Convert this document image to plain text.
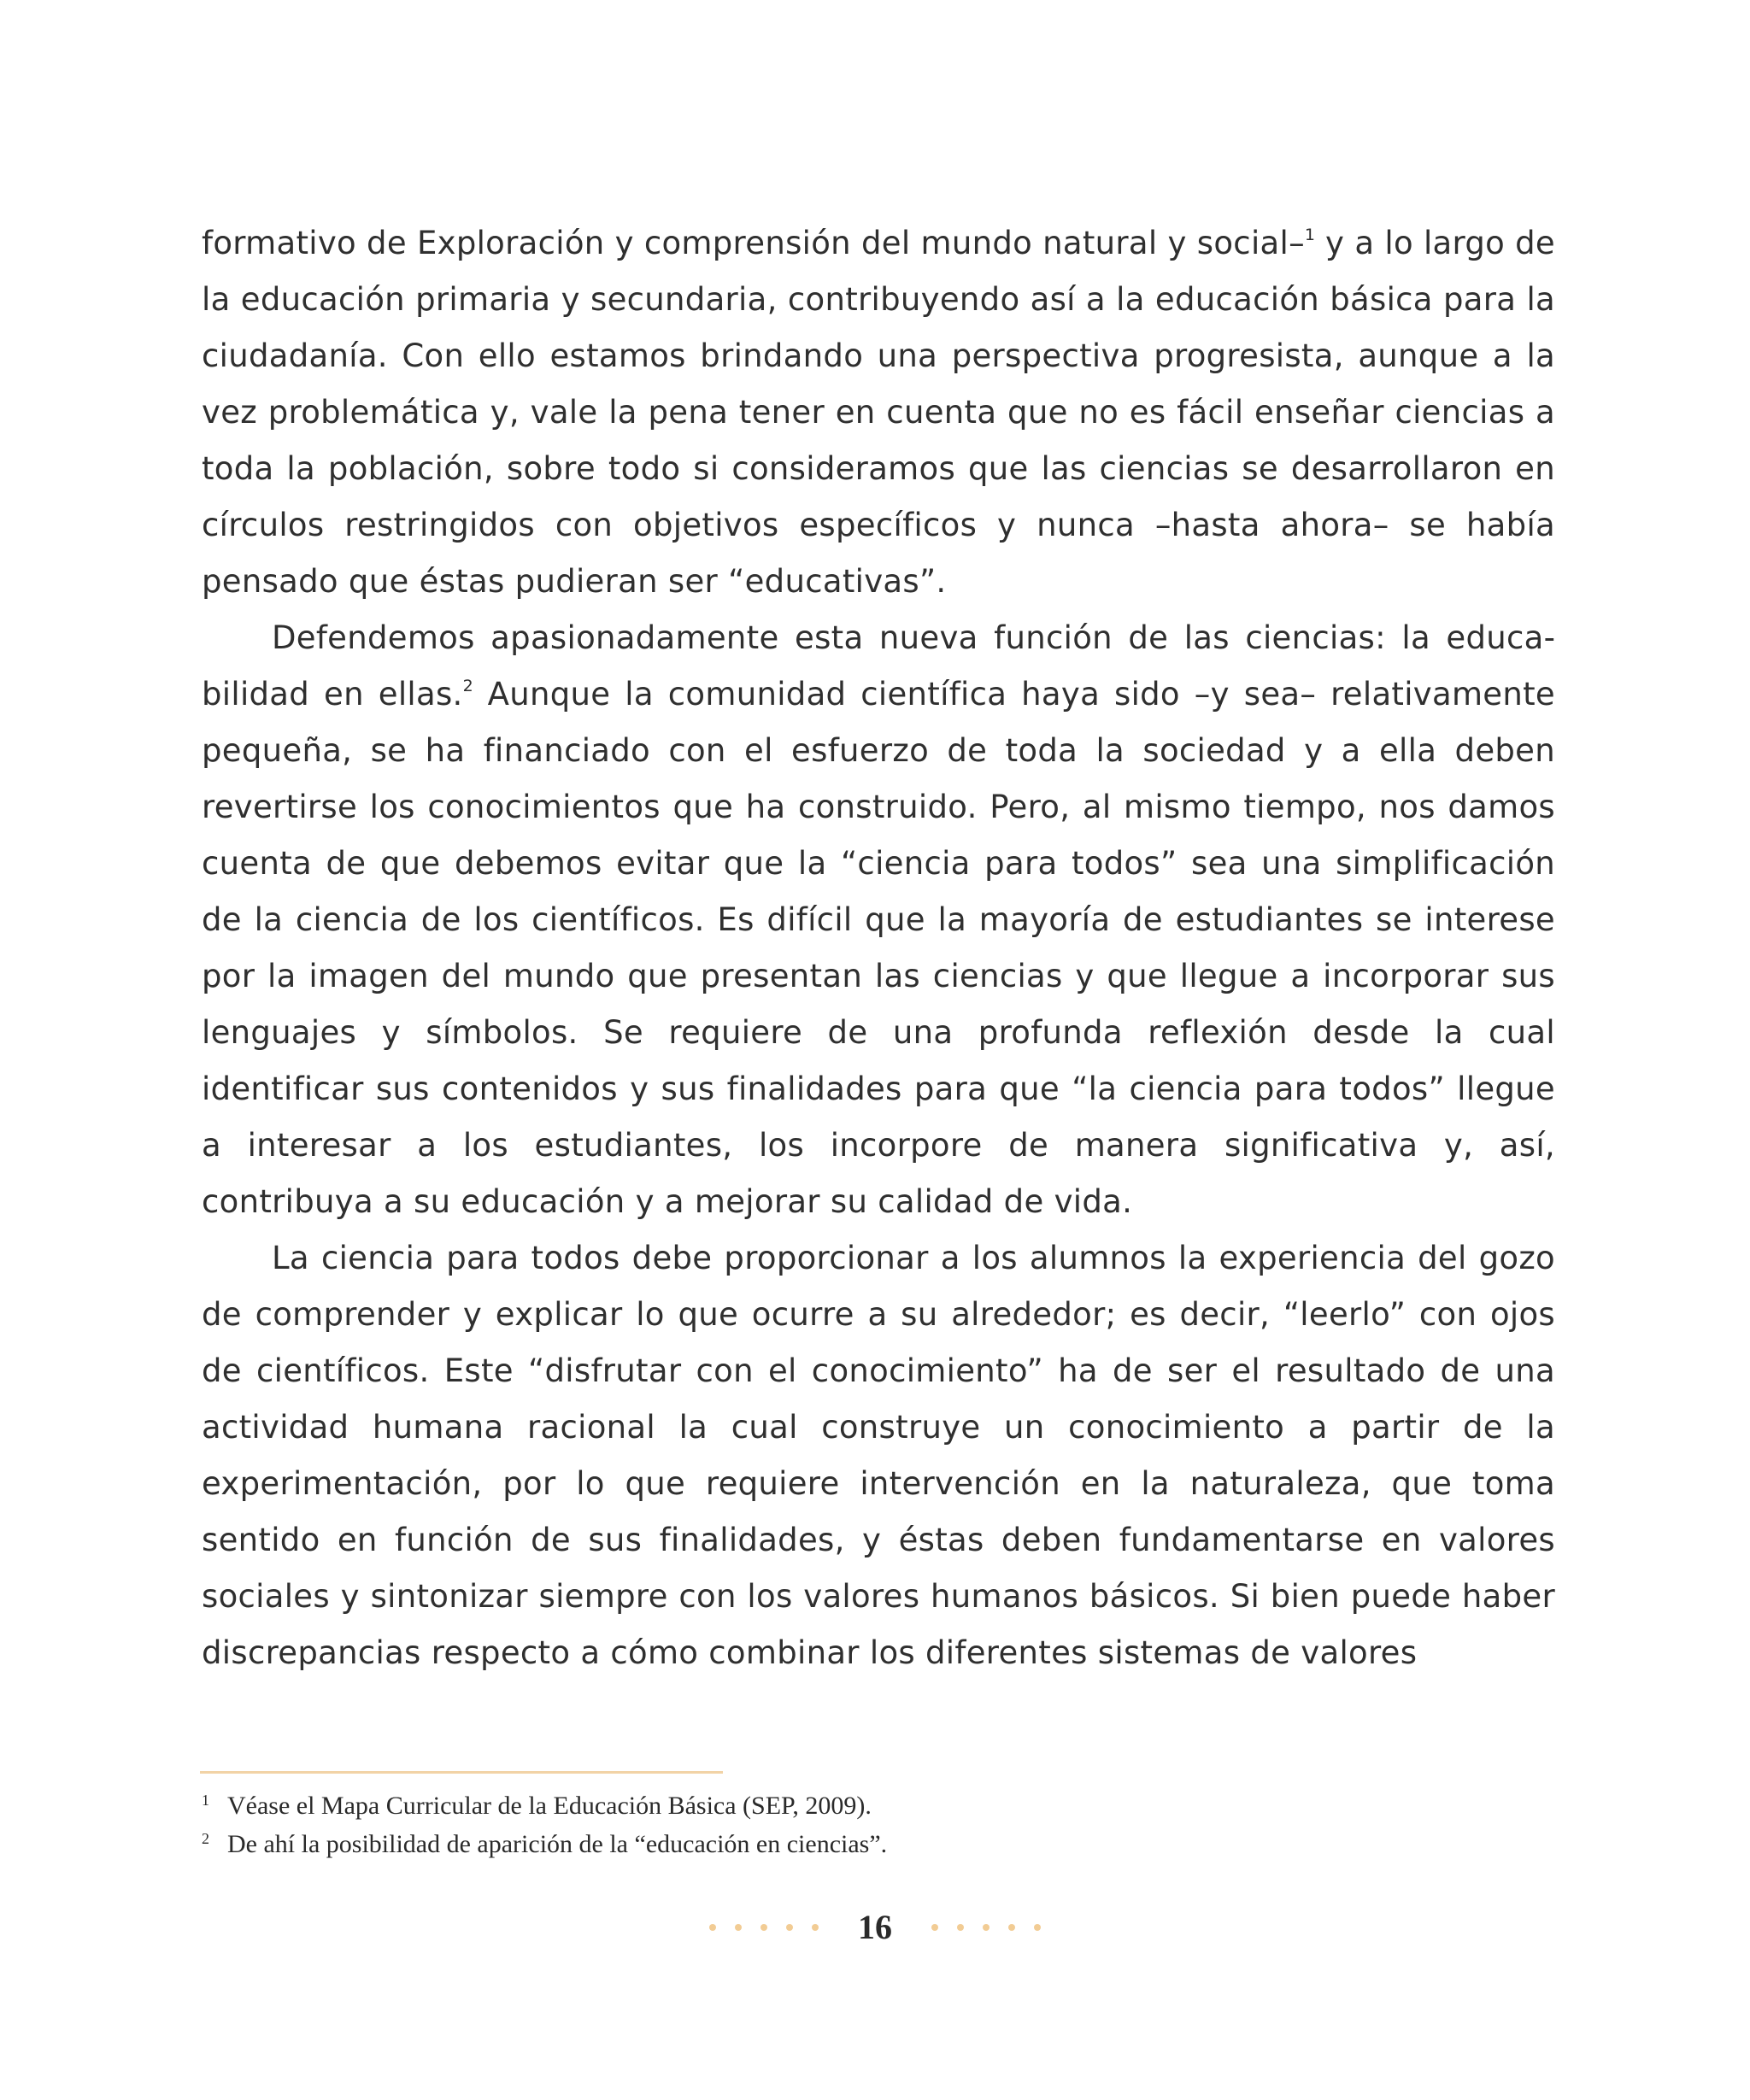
formativo de Exploración y comprensión del mundo natural y social–$^1$ y a lo largo de la educación primaria y secundaria, contribuyendo así a la educación básica para la ciudadanía. Con ello estamos brindando una perspectiva progresista, aunque a la vez problemática y, vale la pena tener en cuenta que no es fácil enseñar ciencias a toda la población, sobre todo si consideramos que las ciencias se desarrollaron en círculos restringidos con objetivos específicos y nunca –hasta ahora– se había pensado que éstas pudieran ser “educativas”.

Defendemos apasionadamente esta nueva función de las ciencias: la educabilidad en ellas.$^2$ Aunque la comunidad científica haya sido –y sea– relativamente pequeña, se ha financiado con el esfuerzo de toda la sociedad y a ella deben revertirse los conocimientos que ha construido. Pero, al mismo tiempo, nos damos cuenta de que debemos evitar que la “ciencia para todos” sea una simplificación de la ciencia de los científicos. Es difícil que la mayoría de estudiantes se interese por la imagen del mundo que presentan las ciencias y que llegue a incorporar sus lenguajes y símbolos. Se requiere de una profunda reflexión desde la cual identificar sus contenidos y sus finalidades para que “la ciencia para todos” llegue a interesar a los estudiantes, los incorpore de manera significativa y, así, contribuya a su educación y a mejorar su calidad de vida.

La ciencia para todos debe proporcionar a los alumnos la experiencia del gozo de comprender y explicar lo que ocurre a su alrededor; es decir, “leerlo” con ojos de científicos. Este “disfrutar con el conocimiento” ha de ser el resultado de una actividad humana racional la cual construye un conocimiento a partir de la experimentación, por lo que requiere intervención en la naturaleza, que toma sentido en función de sus finalidades, y éstas deben fundamentarse en valores sociales y sintonizar siempre con los valores humanos básicos. Si bien puede haber discrepancias respecto a cómo combinar los diferentes sistemas de valores

1 Véase el Mapa Curricular de la Educación Básica (SEP, 2009).
2 De ahí la posibilidad de aparición de la “educación en ciencias”.
16
